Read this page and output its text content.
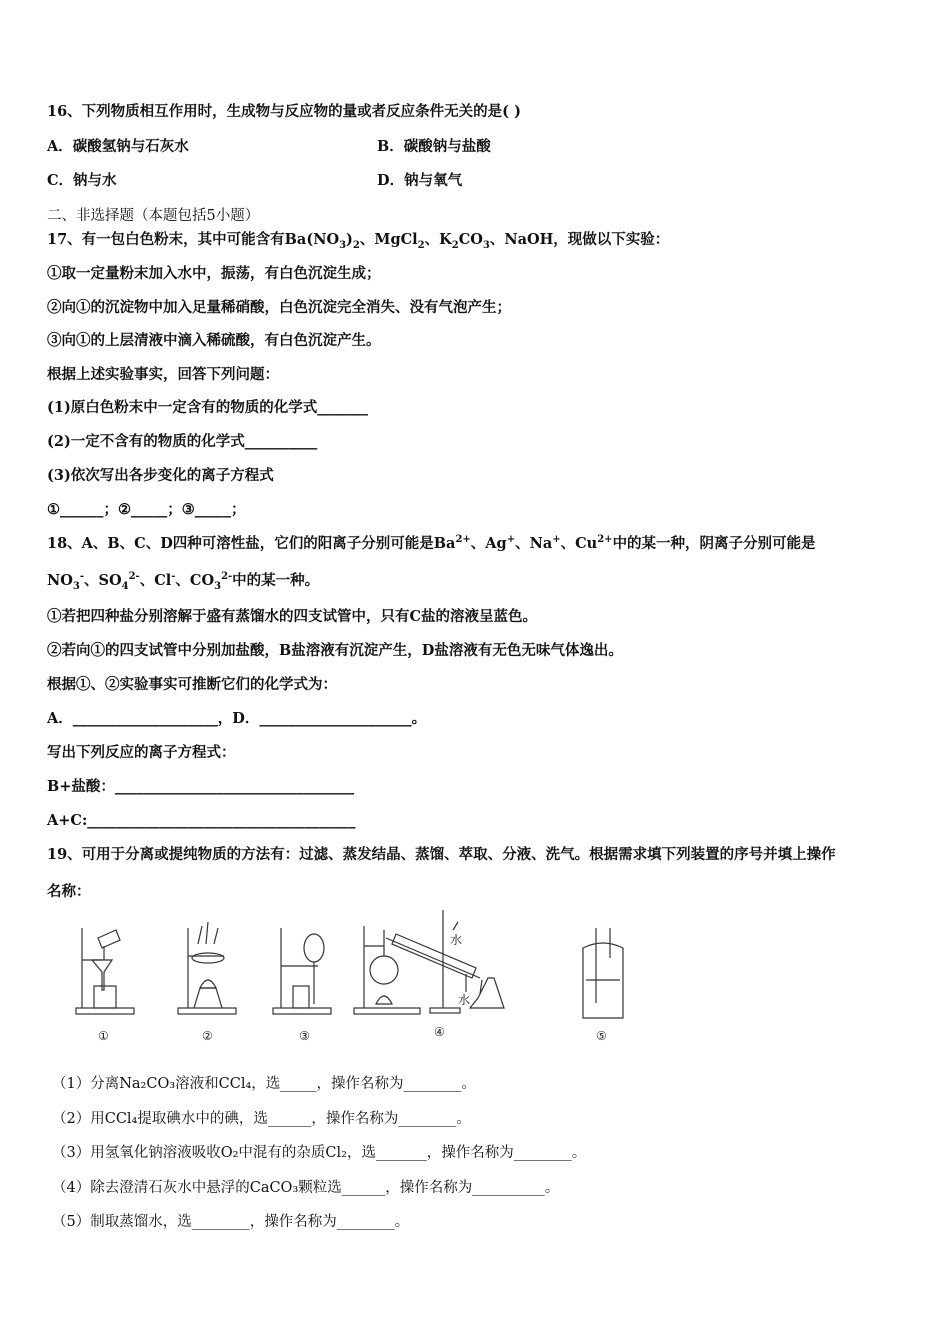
16、下列物质相互作用时，生成物与反应物的量或者反应条件无关的是( )
A．碳酸氢钠与石灰水	B．碳酸钠与盐酸
C．钠与水	D．钠与氧气
二、非选择题（本题包括5小题）
17、有一包白色粉末，其中可能含有$Ba(NO_3)_2$、MgCl$_2$、$K_2CO_3$、NaOH，现做以下实验：
①取一定量粉末加入水中，振荡，有白色沉淀生成；
②向①的沉淀物中加入足量稀硝酸，白色沉淀完全消失、没有气泡产生；
③向①的上层清液中滴入稀硫酸，有白色沉淀产生。
根据上述实验事实，回答下列问题：
(1)原白色粉末中一定含有的物质的化学式_______
(2)一定不含有的物质的化学式__________
(3)依次写出各步变化的离子方程式
①______；②_____；③_____；
18、A、B、C、D四种可溶性盐，它们的阳离子分别可能是$Ba^{2+}$、Ag+、Na+、$Cu^{2+}$中的某一种，阴离子分别可能是
$NO_3^-$、$SO_4^{2-}$、Cl-、$CO_3^{2-}$中的某一种。
①若把四种盐分别溶解于盛有蒸馏水的四支试管中，只有C盐的溶液呈蓝色。
②若向①的四支试管中分别加盐酸，B盐溶液有沉淀产生，D盐溶液有无色无味气体逸出。
根据①、②实验事实可推断它们的化学式为：
A．____________________，D．_____________________。
写出下列反应的离子方程式：
B+盐酸：_________________________________
A+C:_____________________________________
19、可用于分离或提纯物质的方法有：过滤、蒸发结晶、蒸馏、萃取、分液、洗气。根据需求填下列装置的序号并填上操作
名称：
水
水
①	②	③	④	⑤
（1）分离Na₂CO₃溶液和CCl₄，选_____，操作名称为________。
（2）用CCl₄提取碘水中的碘，选______，操作名称为________。
（3）用氢氧化钠溶液吸收O₂中混有的杂质Cl₂，选_______，操作名称为________。
（4）除去澄清石灰水中悬浮的CaCO₃颗粒选______，操作名称为__________。
（5）制取蒸馏水，选________，操作名称为________。
